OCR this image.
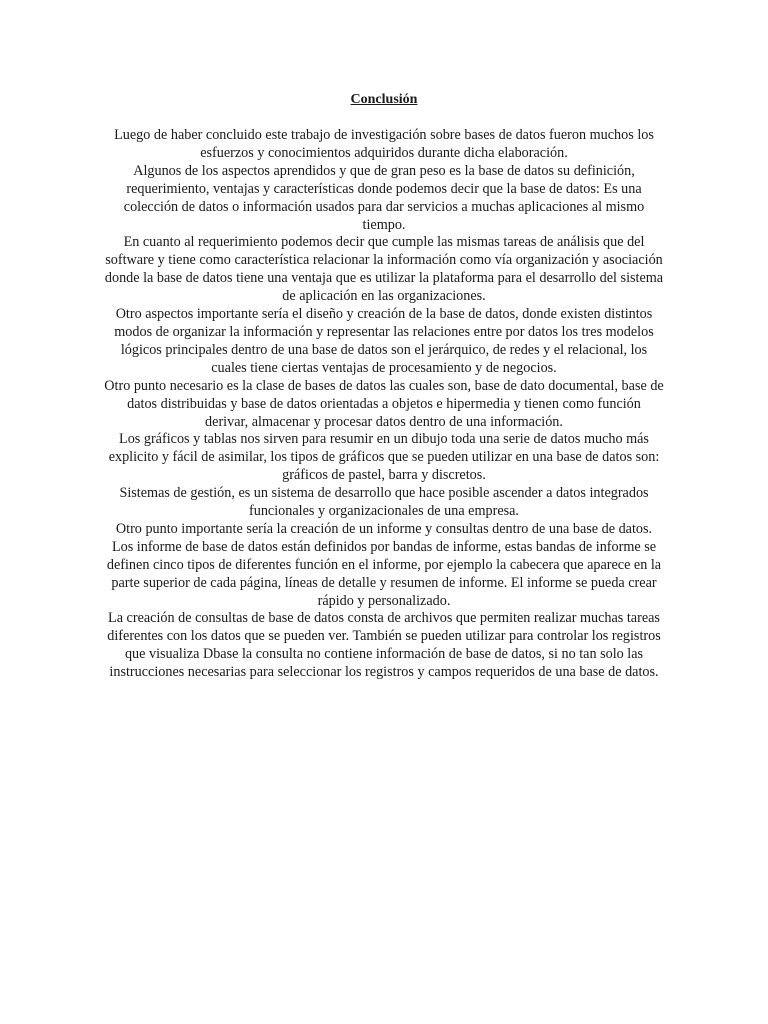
Conclusión

Luego de haber concluido este trabajo de investigación sobre bases de datos fueron muchos los esfuerzos y conocimientos adquiridos durante dicha elaboración.

Algunos de los aspectos aprendidos y que de gran peso es la base de datos su definición, requerimiento, ventajas y características donde podemos decir que la base de datos: Es una colección de datos o información usados para dar servicios a muchas aplicaciones al mismo tiempo.

En cuanto al requerimiento podemos decir que cumple las mismas tareas de análisis que del software y tiene como característica relacionar la información como vía organización y asociación donde la base de datos tiene una ventaja que es utilizar la plataforma para el desarrollo del sistema de aplicación en las organizaciones.

Otro aspectos importante sería el diseño y creación de la base de datos, donde existen distintos modos de organizar la información y representar las relaciones entre por datos los tres modelos lógicos principales dentro de una base de datos son el jerárquico, de redes y el relacional, los cuales tiene ciertas ventajas de procesamiento y de negocios.

Otro punto necesario es la clase de bases de datos las cuales son, base de dato documental, base de datos distribuidas y base de datos orientadas a objetos e hipermedia y tienen como función derivar, almacenar y procesar datos dentro de una información.

Los gráficos y tablas nos sirven para resumir en un dibujo toda una serie de datos mucho más explicito y fácil de asimilar, los tipos de gráficos que se pueden utilizar en una base de datos son: gráficos de pastel, barra y discretos.

Sistemas de gestión, es un sistema de desarrollo que hace posible ascender a datos integrados funcionales y organizacionales de una empresa.

Otro punto importante sería la creación de un informe y consultas dentro de una base de datos.

Los informe de base de datos están definidos por bandas de informe, estas bandas de informe se definen cinco tipos de diferentes función en el informe, por ejemplo la cabecera que aparece en la parte superior de cada página, líneas de detalle y resumen de informe. El informe se pueda crear rápido y personalizado.

La creación de consultas de base de datos consta de archivos que permiten realizar muchas tareas diferentes con los datos que se pueden ver. También se pueden utilizar para controlar los registros que visualiza Dbase la consulta no contiene información de base de datos, si no tan solo las instrucciones necesarias para seleccionar los registros y campos requeridos de una base de datos.
